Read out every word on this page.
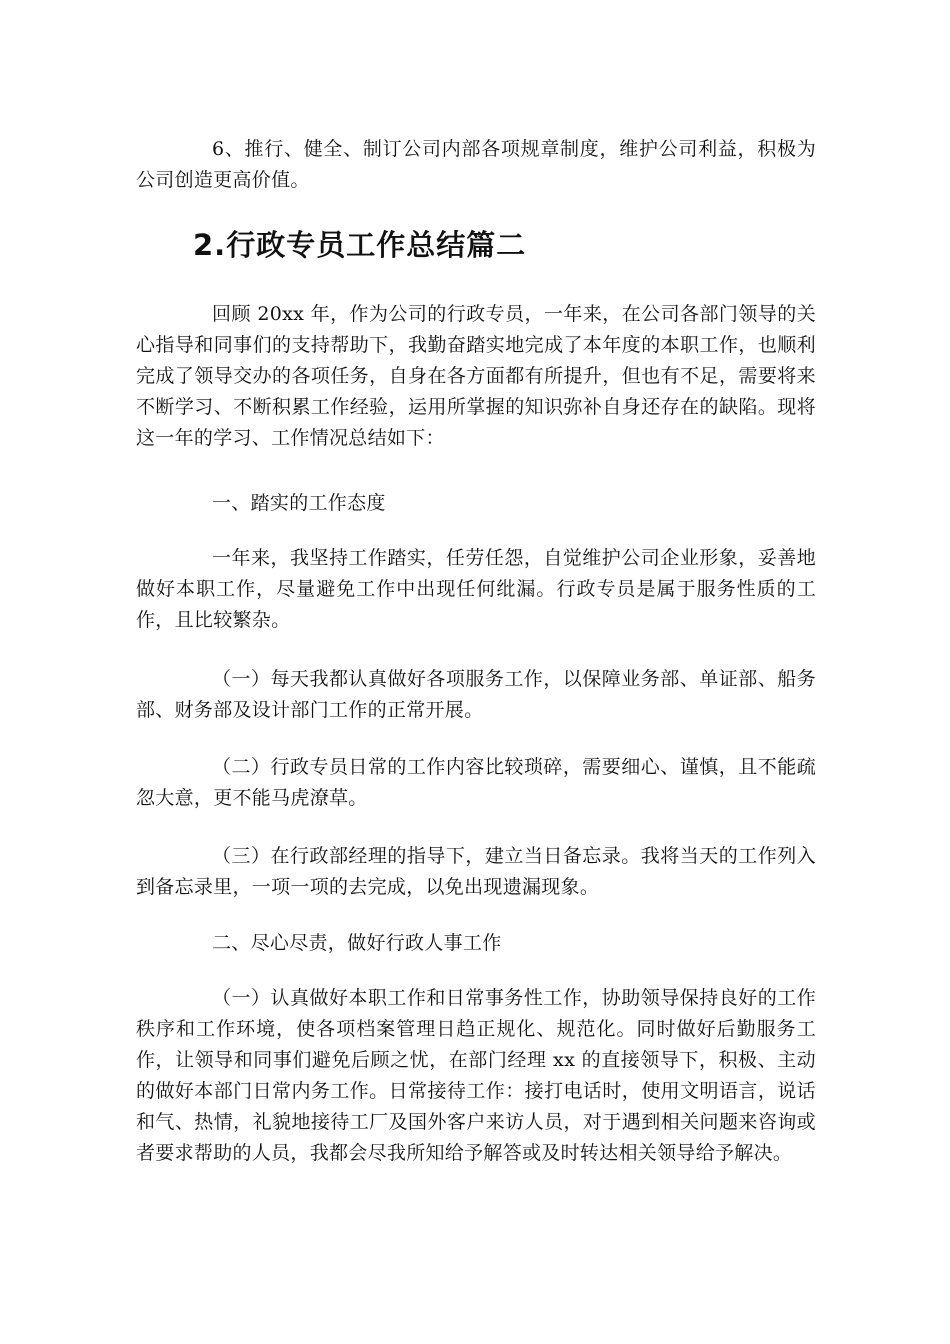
6、推行、健全、制订公司内部各项规章制度，维护公司利益，积极为公司创造更高价值。

2.行政专员工作总结篇二

回顾 20xx 年，作为公司的行政专员，一年来，在公司各部门领导的关心指导和同事们的支持帮助下，我勤奋踏实地完成了本年度的本职工作，也顺利完成了领导交办的各项任务，自身在各方面都有所提升，但也有不足，需要将来不断学习、不断积累工作经验，运用所掌握的知识弥补自身还存在的缺陷。现将这一年的学习、工作情况总结如下：

一、踏实的工作态度

一年来，我坚持工作踏实，任劳任怨，自觉维护公司企业形象，妥善地做好本职工作，尽量避免工作中出现任何纰漏。行政专员是属于服务性质的工作，且比较繁杂。

（一）每天我都认真做好各项服务工作，以保障业务部、单证部、船务部、财务部及设计部门工作的正常开展。

（二）行政专员日常的工作内容比较琐碎，需要细心、谨慎，且不能疏忽大意，更不能马虎潦草。

（三）在行政部经理的指导下，建立当日备忘录。我将当天的工作列入到备忘录里，一项一项的去完成，以免出现遗漏现象。

二、尽心尽责，做好行政人事工作

（一）认真做好本职工作和日常事务性工作，协助领导保持良好的工作秩序和工作环境，使各项档案管理日趋正规化、规范化。同时做好后勤服务工作，让领导和同事们避免后顾之忧，在部门经理 xx 的直接领导下，积极、主动的做好本部门日常内务工作。日常接待工作：接打电话时，使用文明语言，说话和气、热情，礼貌地接待工厂及国外客户来访人员，对于遇到相关问题来咨询或者要求帮助的人员，我都会尽我所知给予解答或及时转达相关领导给予解决。
